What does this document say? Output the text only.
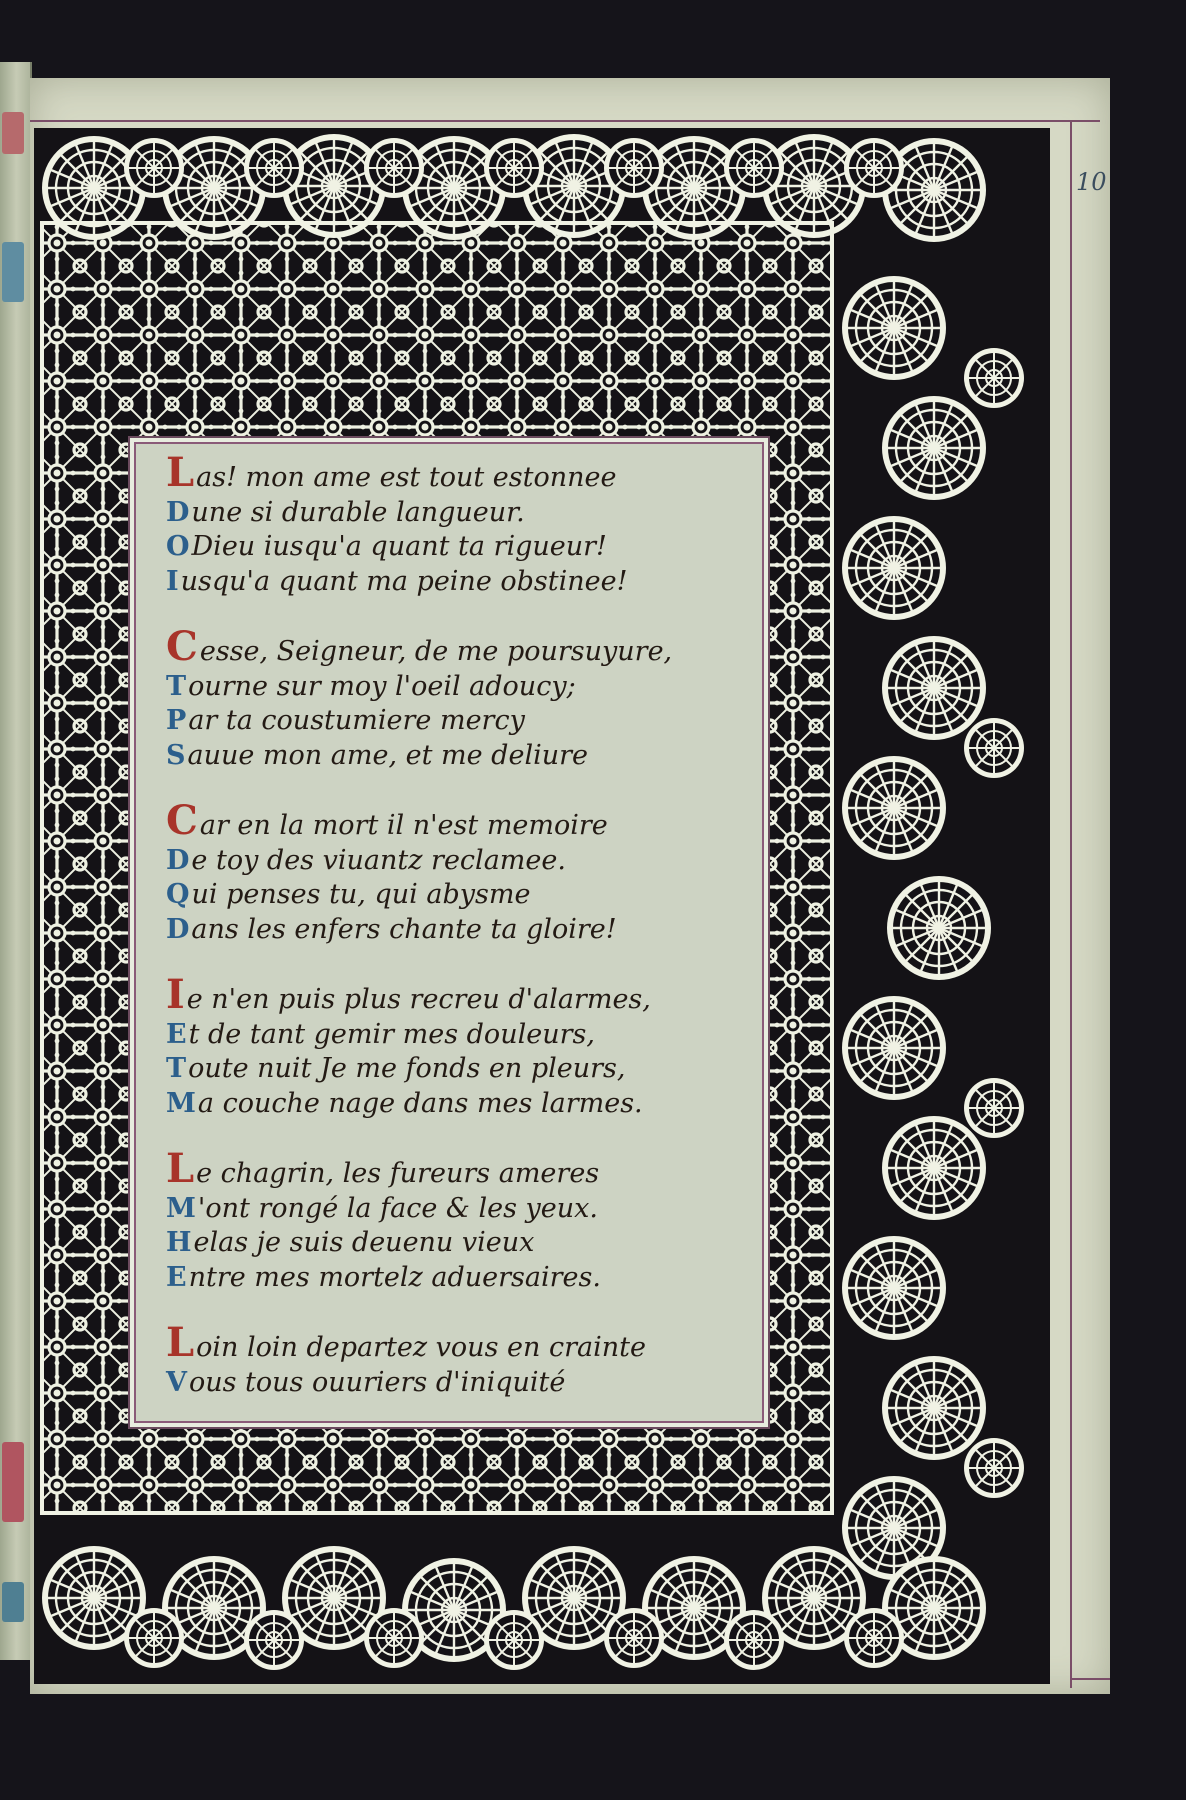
10
Las! mon ame est tout estonnee
Dune si durable languеur.
ODieu iusqu'a quant ta rigueur!
Iusqu'a quant ma peine obstinee!
Cesse, Seigneur, de me poursuyure,
Tourne sur moy l'oeil adoucy;
Par ta coustumiere mercy
Sauue mon ame, et me deliure
Car en la mort il n'est memoire
De toy des viuantz reclamee.
Qui penses tu, qui abysme
Dans les enfers chante ta gloire!
Ie n'en puis plus recreu d'alarmes,
Et de tant gemir mes douleurs,
Toute nuit Je me fonds en pleurs,
Ma couche nage dans mes larmes.
Le chagrin, les fureurs ameres
M'ont rongé la face & les yeux.
Helas je suis deuenu vieux
Entre mes mortelz aduersaires.
Loin loin departez vous en crainte
Vous tous ouuriers d'iniquité
